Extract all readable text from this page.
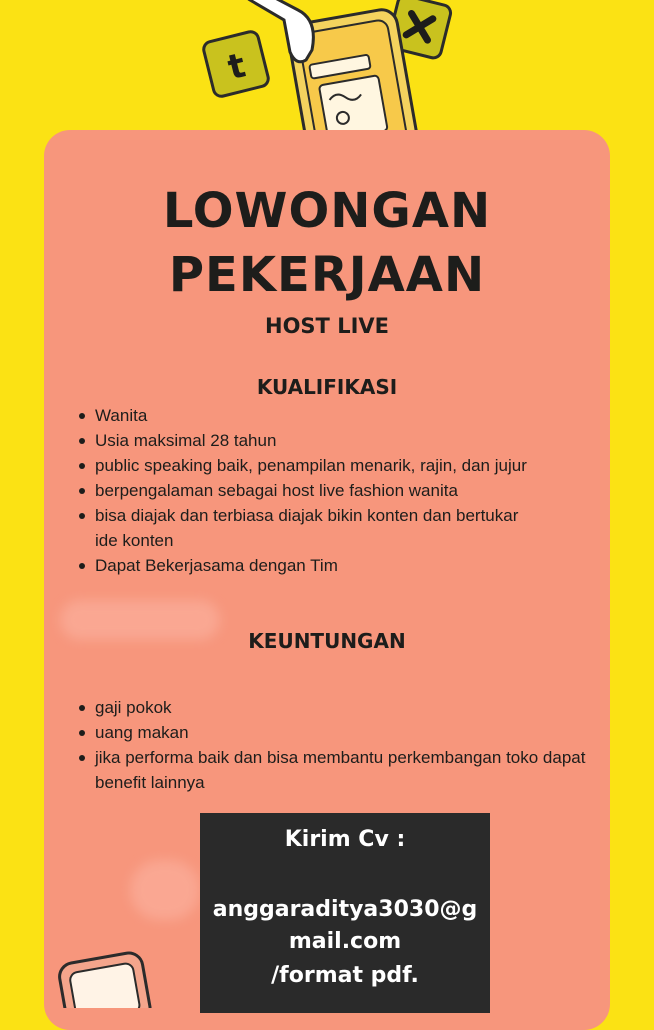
t
LOWONGAN
PEKERJAAN
HOST LIVE
KUALIFIKASI
Wanita
Usia maksimal 28 tahun
public speaking baik, penampilan menarik, rajin, dan jujur
berpengalaman sebagai host live fashion wanita
bisa diajak dan terbiasa diajak bikin konten dan bertukar ide konten
Dapat Bekerjasama dengan Tim
KEUNTUNGAN
gaji pokok
uang makan
jika performa baik dan bisa membantu perkembangan toko dapat benefit lainnya
Kirim Cv :
anggaraditya3030@g
mail.com
/format pdf.
